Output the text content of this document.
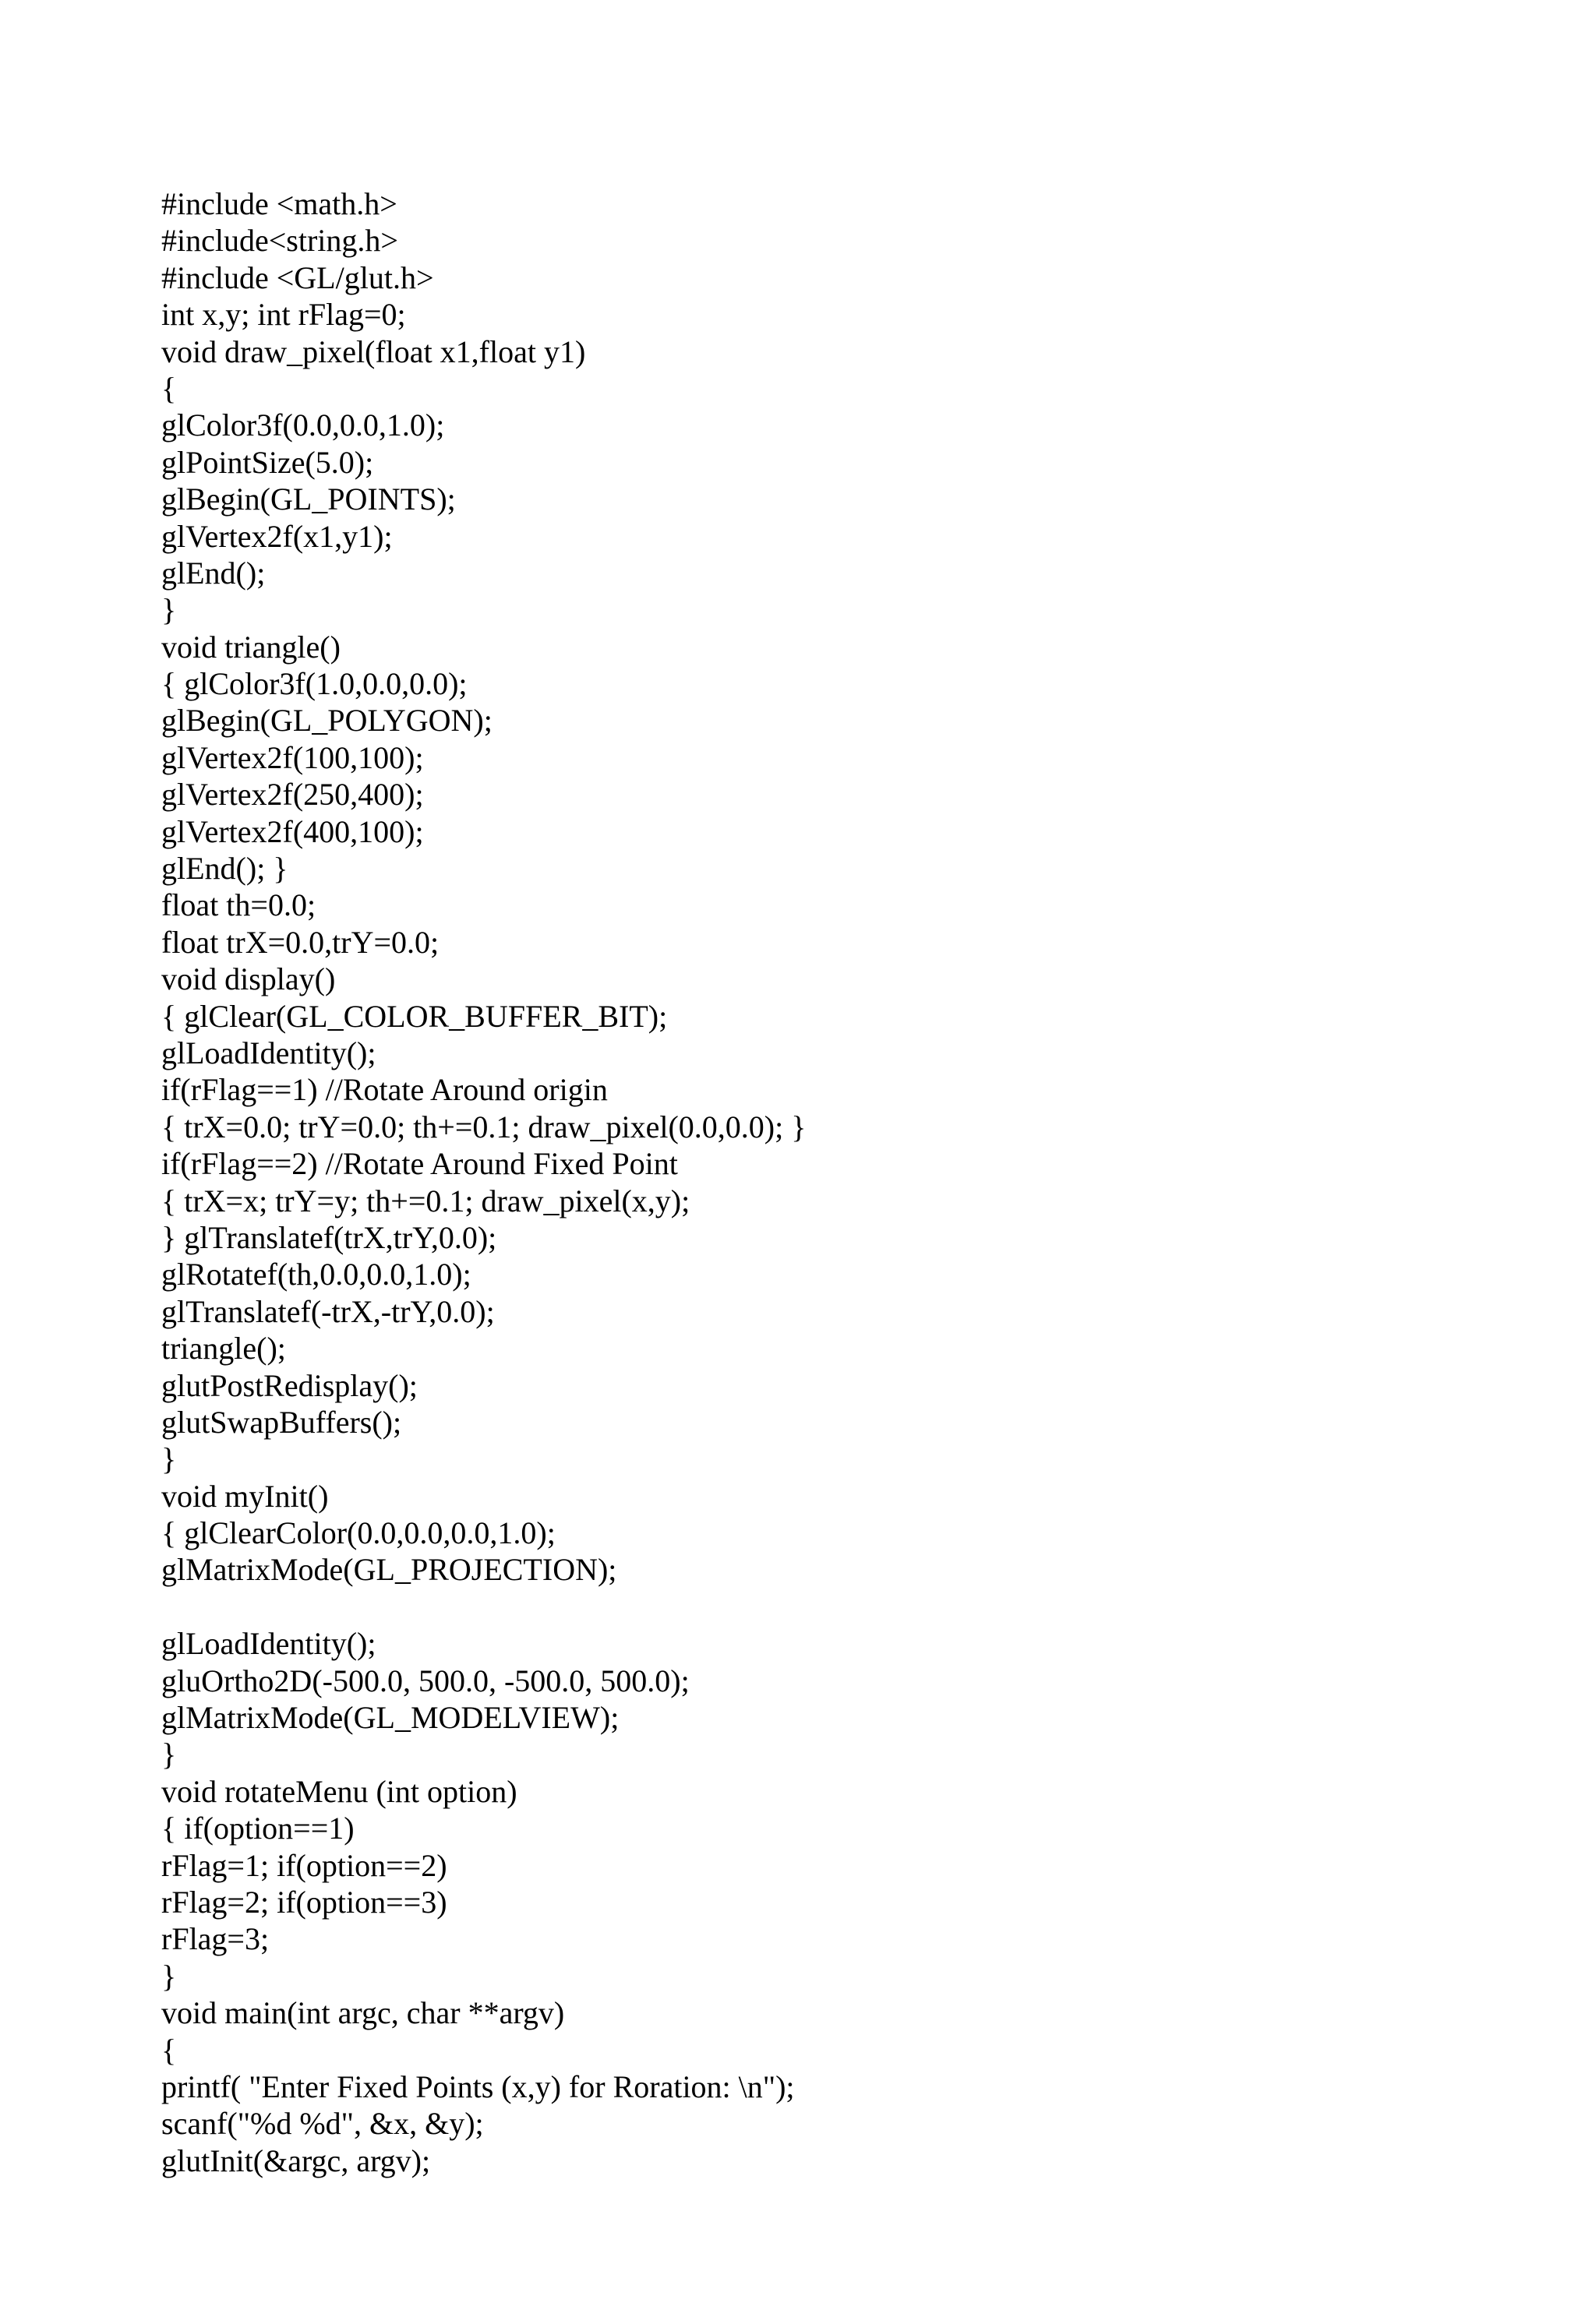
#include <math.h>
#include<string.h>
#include <GL/glut.h>
int x,y; int rFlag=0;
void draw_pixel(float x1,float y1)
{
glColor3f(0.0,0.0,1.0);
glPointSize(5.0);
glBegin(GL_POINTS);
glVertex2f(x1,y1);
glEnd();
}
void triangle()
{ glColor3f(1.0,0.0,0.0);
glBegin(GL_POLYGON);
glVertex2f(100,100);
glVertex2f(250,400);
glVertex2f(400,100);
glEnd(); }
float th=0.0;
float trX=0.0,trY=0.0;
void display()
{ glClear(GL_COLOR_BUFFER_BIT);
glLoadIdentity();
if(rFlag==1) //Rotate Around origin
{ trX=0.0; trY=0.0; th+=0.1; draw_pixel(0.0,0.0); }
if(rFlag==2) //Rotate Around Fixed Point
{ trX=x; trY=y; th+=0.1; draw_pixel(x,y);
} glTranslatef(trX,trY,0.0);
glRotatef(th,0.0,0.0,1.0);
glTranslatef(-trX,-trY,0.0);
triangle();
glutPostRedisplay();
glutSwapBuffers();
}
void myInit()
{ glClearColor(0.0,0.0,0.0,1.0);
glMatrixMode(GL_PROJECTION);
glLoadIdentity();
gluOrtho2D(-500.0, 500.0, -500.0, 500.0);
glMatrixMode(GL_MODELVIEW);
}
void rotateMenu (int option)
{ if(option==1)
rFlag=1; if(option==2)
rFlag=2; if(option==3)
rFlag=3;
}
void main(int argc, char **argv)
{
printf( "Enter Fixed Points (x,y) for Roration: \n");
scanf("%d %d", &x, &y);
glutInit(&argc, argv);
